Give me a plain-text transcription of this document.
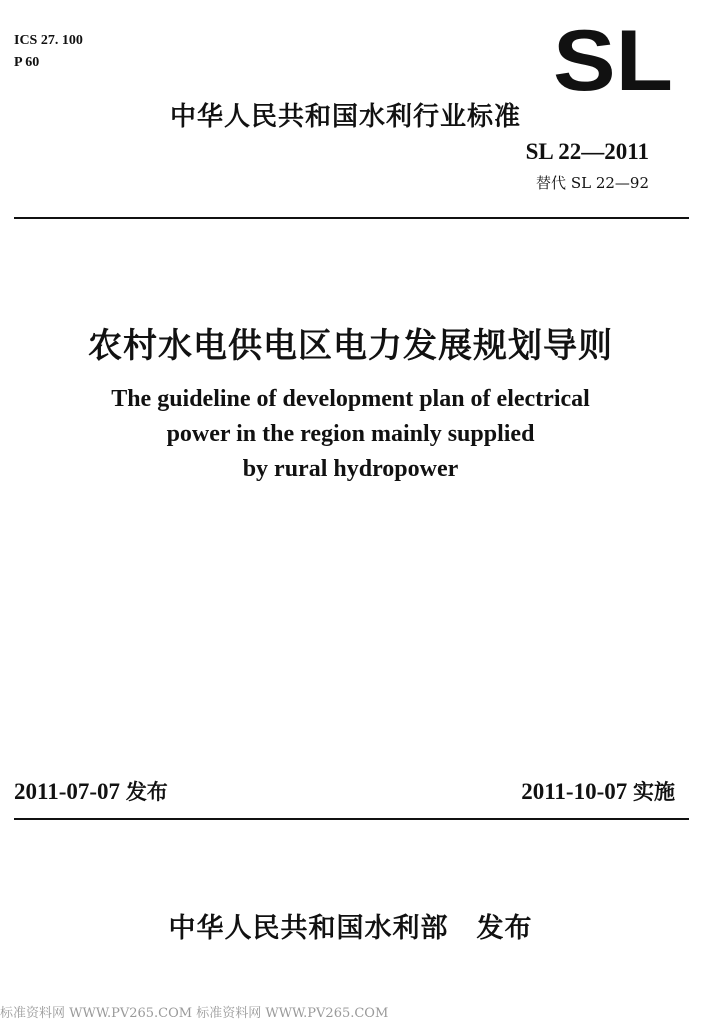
ICS 27. 100
P 60	SL
中华人民共和国水利行业标准
SL 22—2011
替代 SL 22—92
农村水电供电区电力发展规划导则
The guideline of development plan of electrical
power in the region mainly supplied
by rural hydropower
2011-07-07 发布	2011-10-07 实施
中华人民共和国水利部 发布
标准资料网 WWW.PV265.COM 标准资料网 WWW.PV265.COM
